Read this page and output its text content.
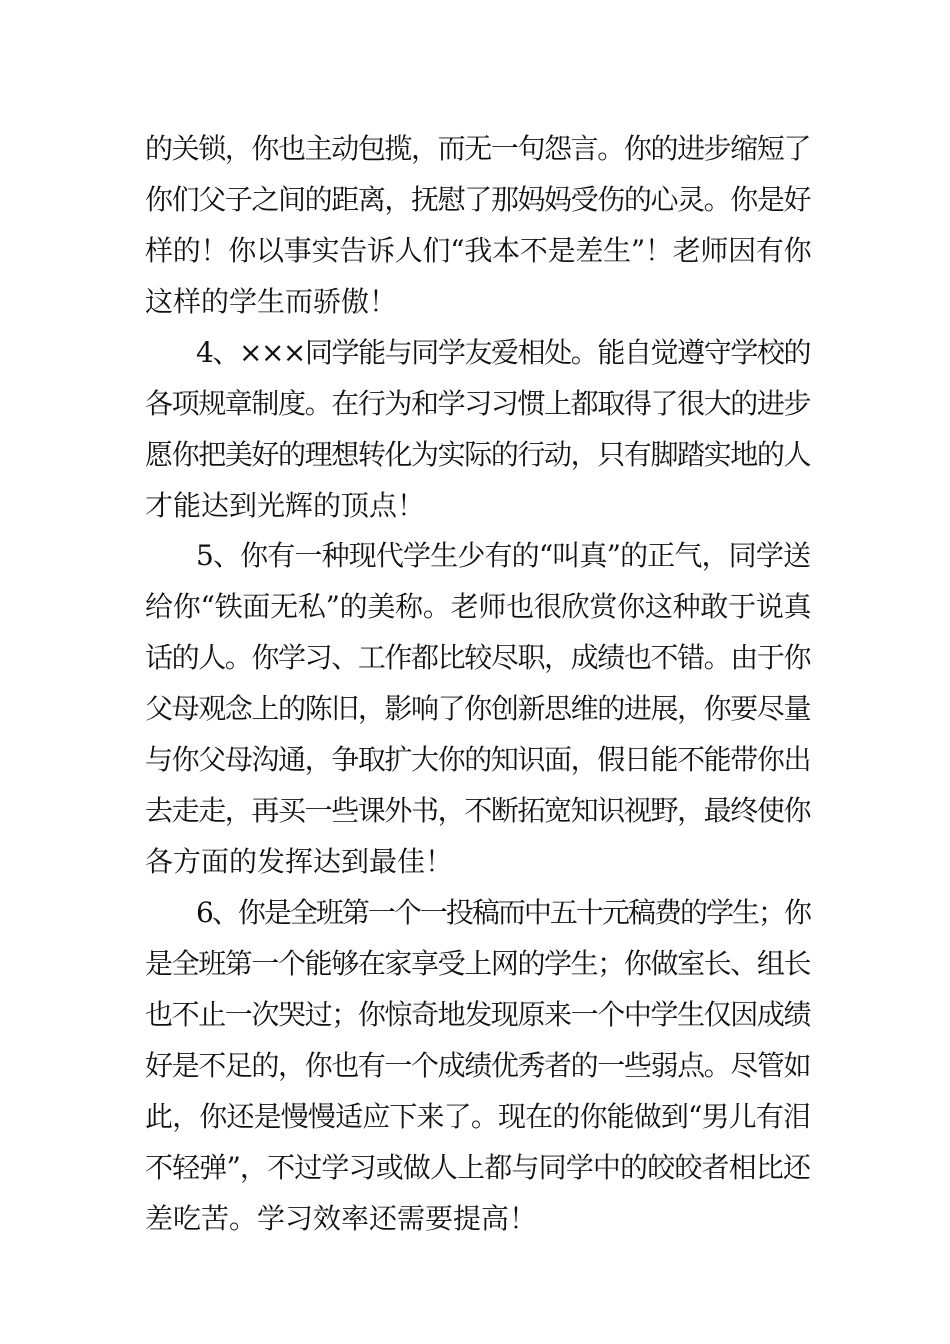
的关锁，你也主动包揽，而无一句怨言。你的进步缩短了
你们父子之间的距离，抚慰了那妈妈受伤的心灵。你是好
样的！你以事实告诉人们“我本不是差生”！老师因有你
这样的学生而骄傲！
4、×××同学能与同学友爱相处。能自觉遵守学校的
各项规章制度。在行为和学习习惯上都取得了很大的进步
愿你把美好的理想转化为实际的行动，只有脚踏实地的人
才能达到光辉的顶点！
5、你有一种现代学生少有的“叫真”的正气，同学送
给你“铁面无私”的美称。老师也很欣赏你这种敢于说真
话的人。你学习、工作都比较尽职，成绩也不错。由于你
父母观念上的陈旧，影响了你创新思维的进展，你要尽量
与你父母沟通，争取扩大你的知识面，假日能不能带你出
去走走，再买一些课外书，不断拓宽知识视野，最终使你
各方面的发挥达到最佳！
6、你是全班第一个一投稿而中五十元稿费的学生；你
是全班第一个能够在家享受上网的学生；你做室长、组长
也不止一次哭过；你惊奇地发现原来一个中学生仅因成绩
好是不足的，你也有一个成绩优秀者的一些弱点。尽管如
此，你还是慢慢适应下来了。现在的你能做到“男儿有泪
不轻弹”，不过学习或做人上都与同学中的皎皎者相比还
差吃苦。学习效率还需要提高！
